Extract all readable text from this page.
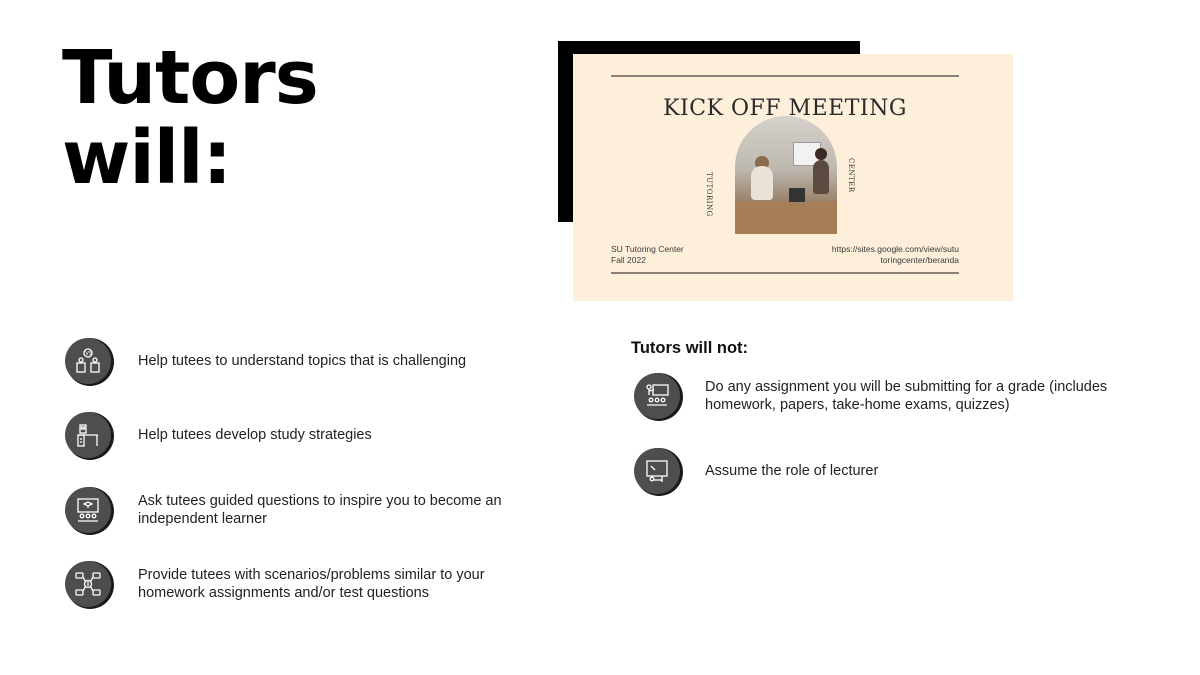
Tutors
will:
KICK OFF MEETING
TUTORING	CENTER
SU Tutoring Center
Fall 2022
https://sites.google.com/view/sutu
toringcenter/beranda
VS	Help tutees to understand topics that is challenging
Help tutees develop study strategies
Ask tutees guided questions to inspire you to become an independent learner
Provide tutees with scenarios/problems similar to your homework assignments and/or test questions
Tutors will not:
Do any assignment you will be submitting for a grade (includes homework, papers, take-home exams, quizzes)
Assume the role of lecturer
